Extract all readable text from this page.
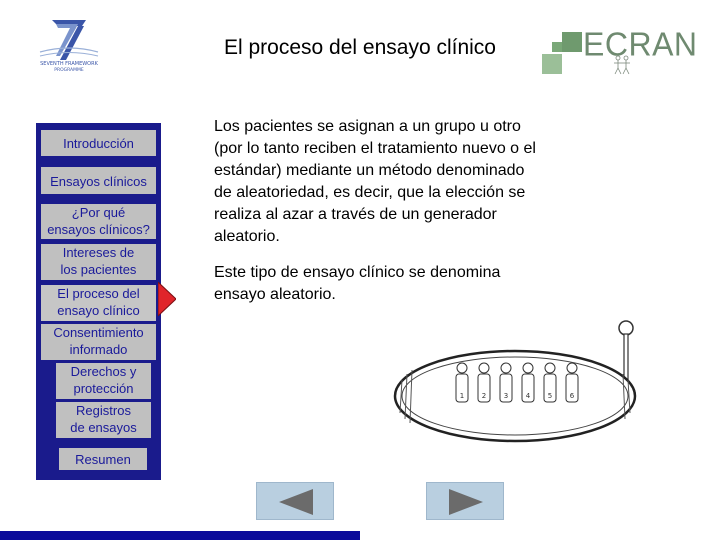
SEVENTH FRAMEWORK
PROGRAMME
El proceso del ensayo clínico	ECRAN
Introducción
Ensayos clínicos
¿Por qué
ensayos clínicos?
Intereses de
los pacientes
El proceso del
ensayo clínico
Consentimiento
informado
Derechos y
protección
Registros
de ensayos
Resumen

Los pacientes se asignan a un grupo u otro (por lo tanto reciben el tratamiento nuevo o el estándar) mediante un método denominado de aleatoriedad, es decir, que la elección se realiza al azar a través de un generador aleatorio.

Este tipo de ensayo clínico se denomina ensayo aleatorio.

1	2	3	4	5	6
